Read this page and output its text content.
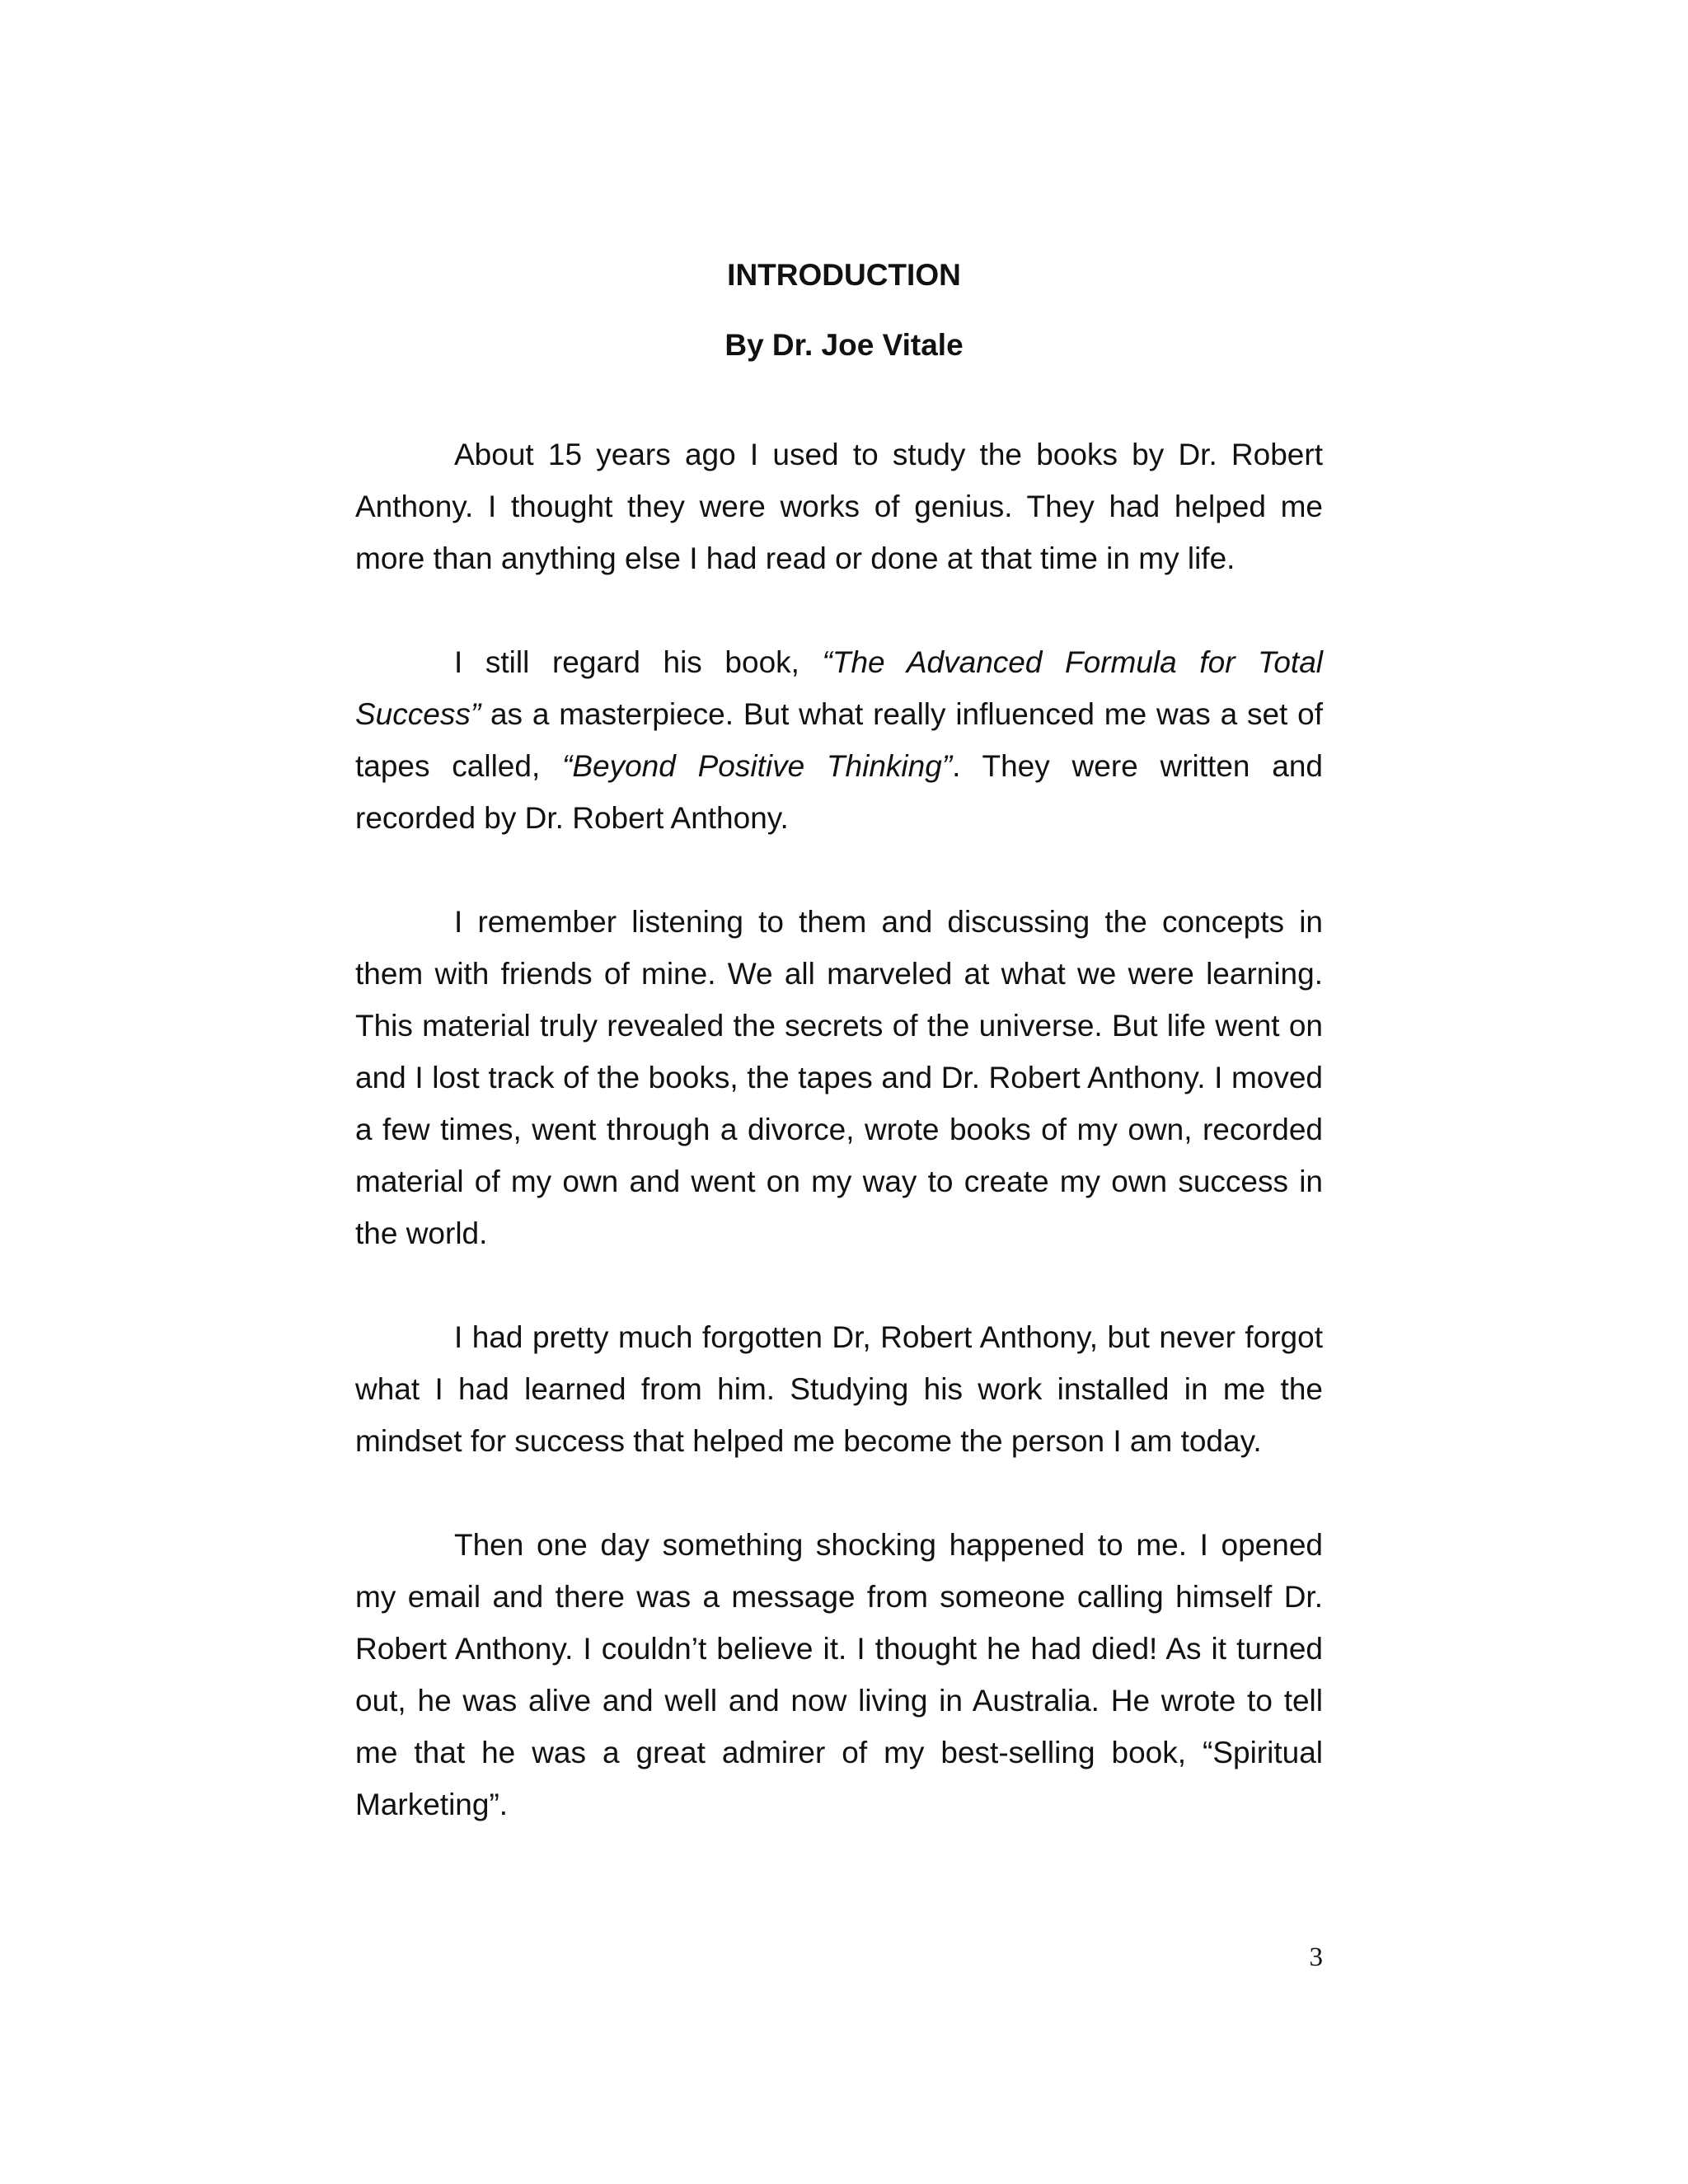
INTRODUCTION
By Dr. Joe Vitale

About 15 years ago I used to study the books by Dr. Robert Anthony. I thought they were works of genius. They had helped me more than anything else I had read or done at that time in my life.

I still regard his book, “The Advanced Formula for Total Success” as a masterpiece. But what really influenced me was a set of tapes called, “Beyond Positive Thinking”. They were written and recorded by Dr. Robert Anthony.

I remember listening to them and discussing the concepts in them with friends of mine. We all marveled at what we were learning. This material truly revealed the secrets of the universe. But life went on and I lost track of the books, the tapes and Dr. Robert Anthony. I moved a few times, went through a divorce, wrote books of my own, recorded material of my own and went on my way to create my own success in the world.

I had pretty much forgotten Dr, Robert Anthony, but never forgot what I had learned from him. Studying his work installed in me the mindset for success that helped me become the person I am today.

Then one day something shocking happened to me. I opened my email and there was a message from someone calling himself Dr. Robert Anthony. I couldn’t believe it. I thought he had died! As it turned out, he was alive and well and now living in Australia. He wrote to tell me that he was a great admirer of my best-selling book, “Spiritual Marketing”.

3
